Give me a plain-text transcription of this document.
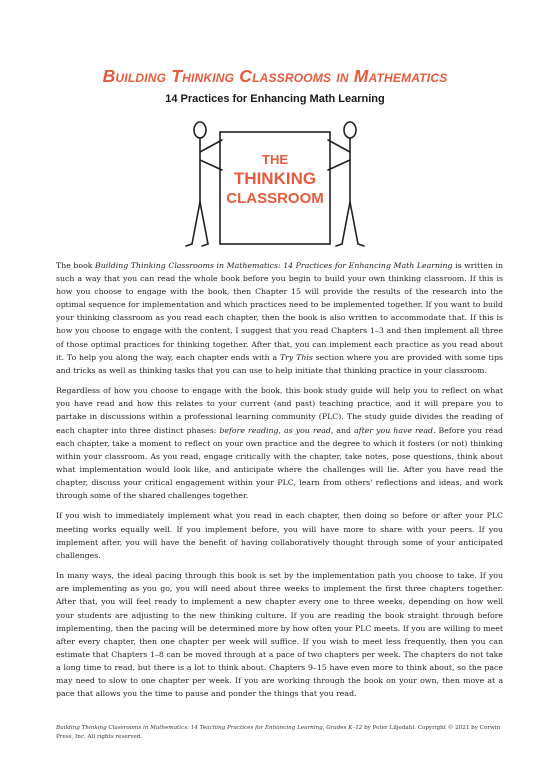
Building Thinking Classrooms in Mathematics
14 Practices for Enhancing Math Learning
THE
THINKING
CLASSROOM

The book Building Thinking Classrooms in Mathematics: 14 Practices for Enhancing Math Learning is written in such a way that you can read the whole book before you begin to build your own thinking classroom. If this is how you choose to engage with the book, then Chapter 15 will provide the results of the research into the optimal sequence for implementation and which practices need to be implemented together. If you want to build your thinking classroom as you read each chapter, then the book is also written to accommodate that. If this is how you choose to engage with the content, I suggest that you read Chapters 1–3 and then implement all three of those optimal practices for thinking together. After that, you can implement each practice as you read about it. To help you along the way, each chapter ends with a Try This section where you are provided with some tips and tricks as well as thinking tasks that you can use to help initiate that thinking practice in your classroom.

Regardless of how you choose to engage with the book, this book study guide will help you to reflect on what you have read and how this relates to your current (and past) teaching practice, and it will prepare you to partake in discussions within a professional learning community (PLC). The study guide divides the reading of each chapter into three distinct phases: before reading, as you read, and after you have read. Before you read each chapter, take a moment to reflect on your own practice and the degree to which it fosters (or not) thinking within your classroom. As you read, engage critically with the chapter, take notes, pose questions, think about what implementation would look like, and anticipate where the challenges will lie. After you have read the chapter, discuss your critical engagement within your PLC, learn from others' reflections and ideas, and work through some of the shared challenges together.

If you wish to immediately implement what you read in each chapter, then doing so before or after your PLC meeting works equally well. If you implement before, you will have more to share with your peers. If you implement after, you will have the benefit of having collaboratively thought through some of your anticipated challenges.

In many ways, the ideal pacing through this book is set by the implementation path you choose to take. If you are implementing as you go, you will need about three weeks to implement the first three chapters together. After that, you will feel ready to implement a new chapter every one to three weeks, depending on how well your students are adjusting to the new thinking culture. If you are reading the book straight through before implementing, then the pacing will be determined more by how often your PLC meets. If you are willing to meet after every chapter, then one chapter per week will suffice. If you wish to meet less frequently, then you can estimate that Chapters 1–8 can be moved through at a pace of two chapters per week. The chapters do not take a long time to read, but there is a lot to think about. Chapters 9–15 have even more to think about, so the pace may need to slow to one chapter per week. If you are working through the book on your own, then move at a pace that allows you the time to pause and ponder the things that you read.

Building Thinking Classrooms in Mathematics: 14 Teaching Practices for Enhancing Learning, Grades K–12 by Peter Liljedahl. Copyright © 2021 by Corwin Press, Inc. All rights reserved.
